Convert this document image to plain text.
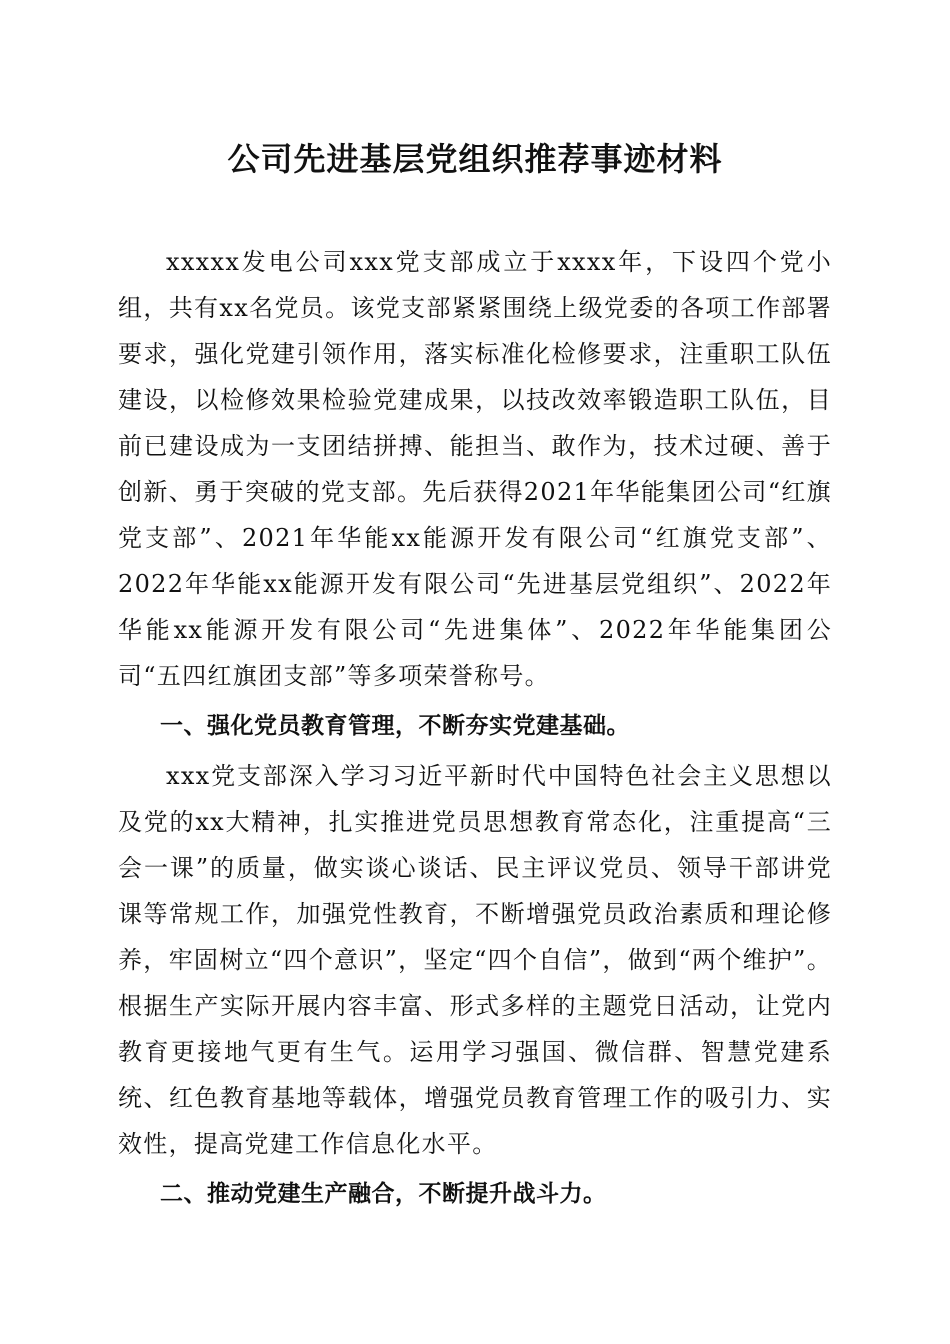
公司先进基层党组织推荐事迹材料

xxxxx发电公司xxx党支部成立于xxxx年，下设四个党小组，共有xx名党员。该党支部紧紧围绕上级党委的各项工作部署要求，强化党建引领作用，落实标准化检修要求，注重职工队伍建设，以检修效果检验党建成果，以技改效率锻造职工队伍，目前已建设成为一支团结拼搏、能担当、敢作为，技术过硬、善于创新、勇于突破的党支部。先后获得2021年华能集团公司“红旗党支部”、2021年华能xx能源开发有限公司“红旗党支部”、2022年华能xx能源开发有限公司“先进基层党组织”、2022年华能xx能源开发有限公司“先进集体”、2022年华能集团公司“五四红旗团支部”等多项荣誉称号。

一、强化党员教育管理，不断夯实党建基础。

xxx党支部深入学习习近平新时代中国特色社会主义思想以及党的xx大精神，扎实推进党员思想教育常态化，注重提高“三会一课”的质量，做实谈心谈话、民主评议党员、领导干部讲党课等常规工作，加强党性教育，不断增强党员政治素质和理论修养，牢固树立“四个意识”，坚定“四个自信”，做到“两个维护”。根据生产实际开展内容丰富、形式多样的主题党日活动，让党内教育更接地气更有生气。运用学习强国、微信群、智慧党建系统、红色教育基地等载体，增强党员教育管理工作的吸引力、实效性，提高党建工作信息化水平。

二、推动党建生产融合，不断提升战斗力。
